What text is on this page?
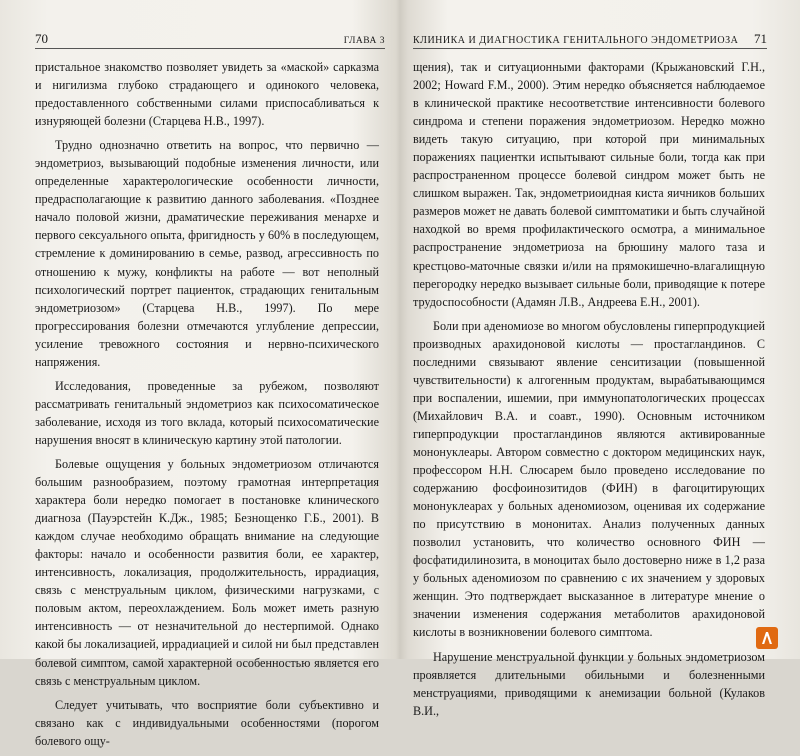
70	ГЛАВА 3

пристальное знакомство позволяет увидеть за «маской» сарказма и нигилизма глубоко страдающего и одинокого человека, предоставленного собственными силами приспосабливаться к изнуряющей болезни (Старцева Н.В., 1997).

Трудно однозначно ответить на вопрос, что первично — эндометриоз, вызывающий подобные изменения личности, или определенные характерологические особенности личности, предрасполагающие к развитию данного заболевания. «Позднее начало половой жизни, драматические переживания менархе и первого сексуального опыта, фригидность у 60% в последующем, стремление к доминированию в семье, развод, агрессивность по отношению к мужу, конфликты на работе — вот неполный психологический портрет пациенток, страдающих генитальным эндометриозом» (Старцева Н.В., 1997). По мере прогрессирования болезни отмечаются углубление депрессии, усиление тревожного состояния и нервно-психического напряжения.

Исследования, проведенные за рубежом, позволяют рассматривать генитальный эндометриоз как психосоматическое заболевание, исходя из того вклада, который психосоматические нарушения вносят в клиническую картину этой патологии.

Болевые ощущения у больных эндометриозом отличаются большим разнообразием, поэтому грамотная интерпретация характера боли нередко помогает в постановке клинического диагноза (Пауэрстейн К.Дж., 1985; Безнощенко Г.Б., 2001). В каждом случае необходимо обращать внимание на следующие факторы: начало и особенности развития боли, ее характер, интенсивность, локализация, продолжительность, иррадиация, связь с менструальным циклом, физическими нагрузками, с половым актом, переохлаждением. Боль может иметь разную интенсивность — от незначительной до нестерпимой. Однако какой бы локализацией, иррадиацией и силой ни был представлен болевой симптом, самой характерной особенностью является его связь с менструальным циклом.

Следует учитывать, что восприятие боли субъективно и связано как с индивидуальными особенностями (порогом болевого ощу-

КЛИНИКА И ДИАГНОСТИКА ГЕНИТАЛЬНОГО ЭНДОМЕТРИОЗА 71

щения), так и ситуационными факторами (Крыжановский Г.Н., 2002; Howard F.M., 2000). Этим нередко объясняется наблюдаемое в клинической практике несоответствие интенсивности болевого синдрома и степени поражения эндометриозом. Нередко можно видеть такую ситуацию, при которой при минимальных поражениях пациентки испытывают сильные боли, тогда как при распространенном процессе болевой синдром может быть не слишком выражен. Так, эндометриоидная киста яичников больших размеров может не давать болевой симптоматики и быть случайной находкой во время профилактического осмотра, а минимальное распространение эндометриоза на брюшину малого таза и крестцово-маточные связки и/или на прямокишечно-влагалищную перегородку нередко вызывает сильные боли, приводящие к потере трудоспособности (Адамян Л.В., Андреева Е.Н., 2001).

Боли при аденомиозе во многом обусловлены гиперпродукцией производных арахидоновой кислоты — простагландинов. С последними связывают явление сенситизации (повышенной чувствительности) к алгогенным продуктам, вырабатывающимся при воспалении, ишемии, при иммунопатологических процессах (Михайлович В.А. и соавт., 1990). Основным источником гиперпродукции простагландинов являются активированные мононуклеары. Автором совместно с доктором медицинских наук, профессором Н.Н. Слюсарем было проведено исследование по содержанию фосфоинозитидов (ФИН) в фагоцитирующих мононуклеарах у больных аденомиозом, оценивая их содержание по присутствию в мононитах. Анализ полученных данных позволил установить, что количество основного ФИН — фосфатидилинозита, в моноцитах было достоверно ниже в 1,2 раза у больных аденомиозом по сравнению с их значением у здоровых женщин. Это подтверждает высказанное в литературе мнение о значении изменения содержания метаболитов арахидоновой кислоты в возникновении болевого симптома.

Нарушение менструальной функции у больных эндометриозом проявляется длительными обильными и болезненными менструациями, приводящими к анемизации больной (Кулаков В.И.,
